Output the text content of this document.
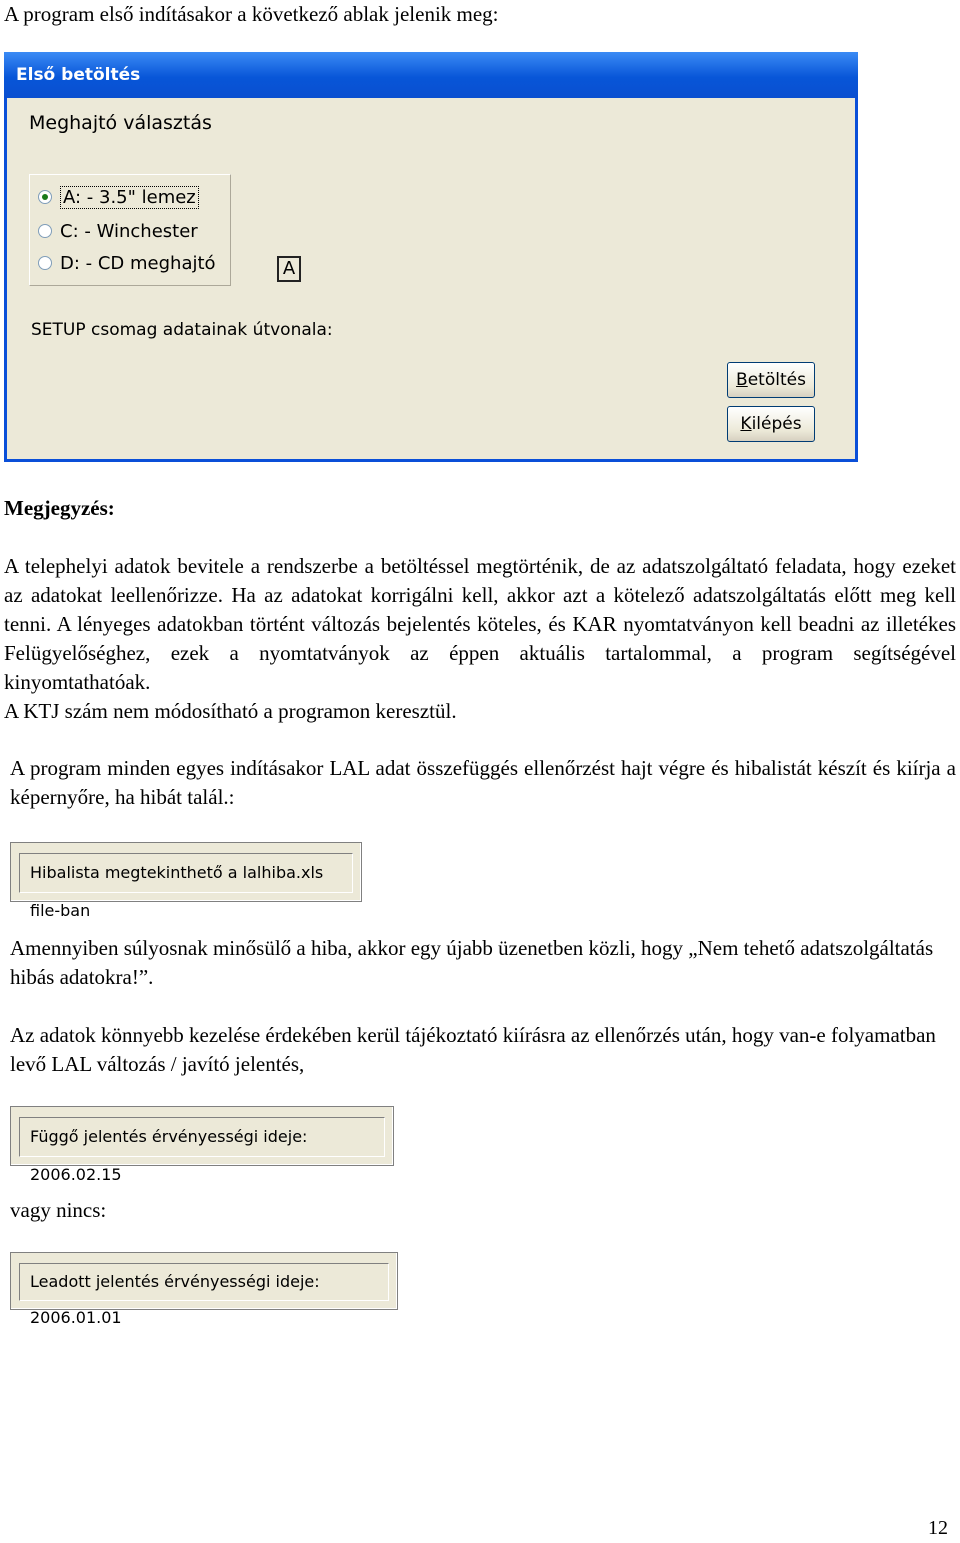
A program első indításakor a következő ablak jelenik meg:
Első betöltés
Meghajtó választás
A: - 3.5" lemez
C: - Winchester
D: - CD meghajtó	A
SETUP csomag adatainak útvonala:
Betöltés
Kilépés
Megjegyzés:
A telephelyi adatok bevitele a rendszerbe a betöltéssel megtörténik, de az adatszolgáltató feladata, hogy ezeket az adatokat leellenőrizze. Ha az adatokat korrigálni kell, akkor azt a kötelező adatszolgáltatás előtt meg kell tenni. A lényeges adatokban történt változás bejelentés köteles, és KAR nyomtatványon kell beadni az illetékes Felügyelőséghez, ezek a nyomtatványok az éppen aktuális tartalommal, a program segítségével kinyomtathatóak.
A KTJ szám nem módosítható a programon keresztül.
A program minden egyes indításakor LAL adat összefüggés ellenőrzést hajt végre és hibalistát készít és kiírja a képernyőre, ha hibát talál.:
Hibalista megtekinthető a lalhiba.xls file-ban
Amennyiben súlyosnak minősülő a hiba, akkor egy újabb üzenetben közli, hogy „Nem tehető adatszolgáltatás hibás adatokra!”.
Az adatok könnyebb kezelése érdekében kerül tájékoztató kiírásra az ellenőrzés után, hogy van-e folyamatban levő LAL változás / javító jelentés,
Függő jelentés érvényességi ideje: 2006.02.15
vagy nincs:
Leadott jelentés érvényességi ideje: 2006.01.01
12
